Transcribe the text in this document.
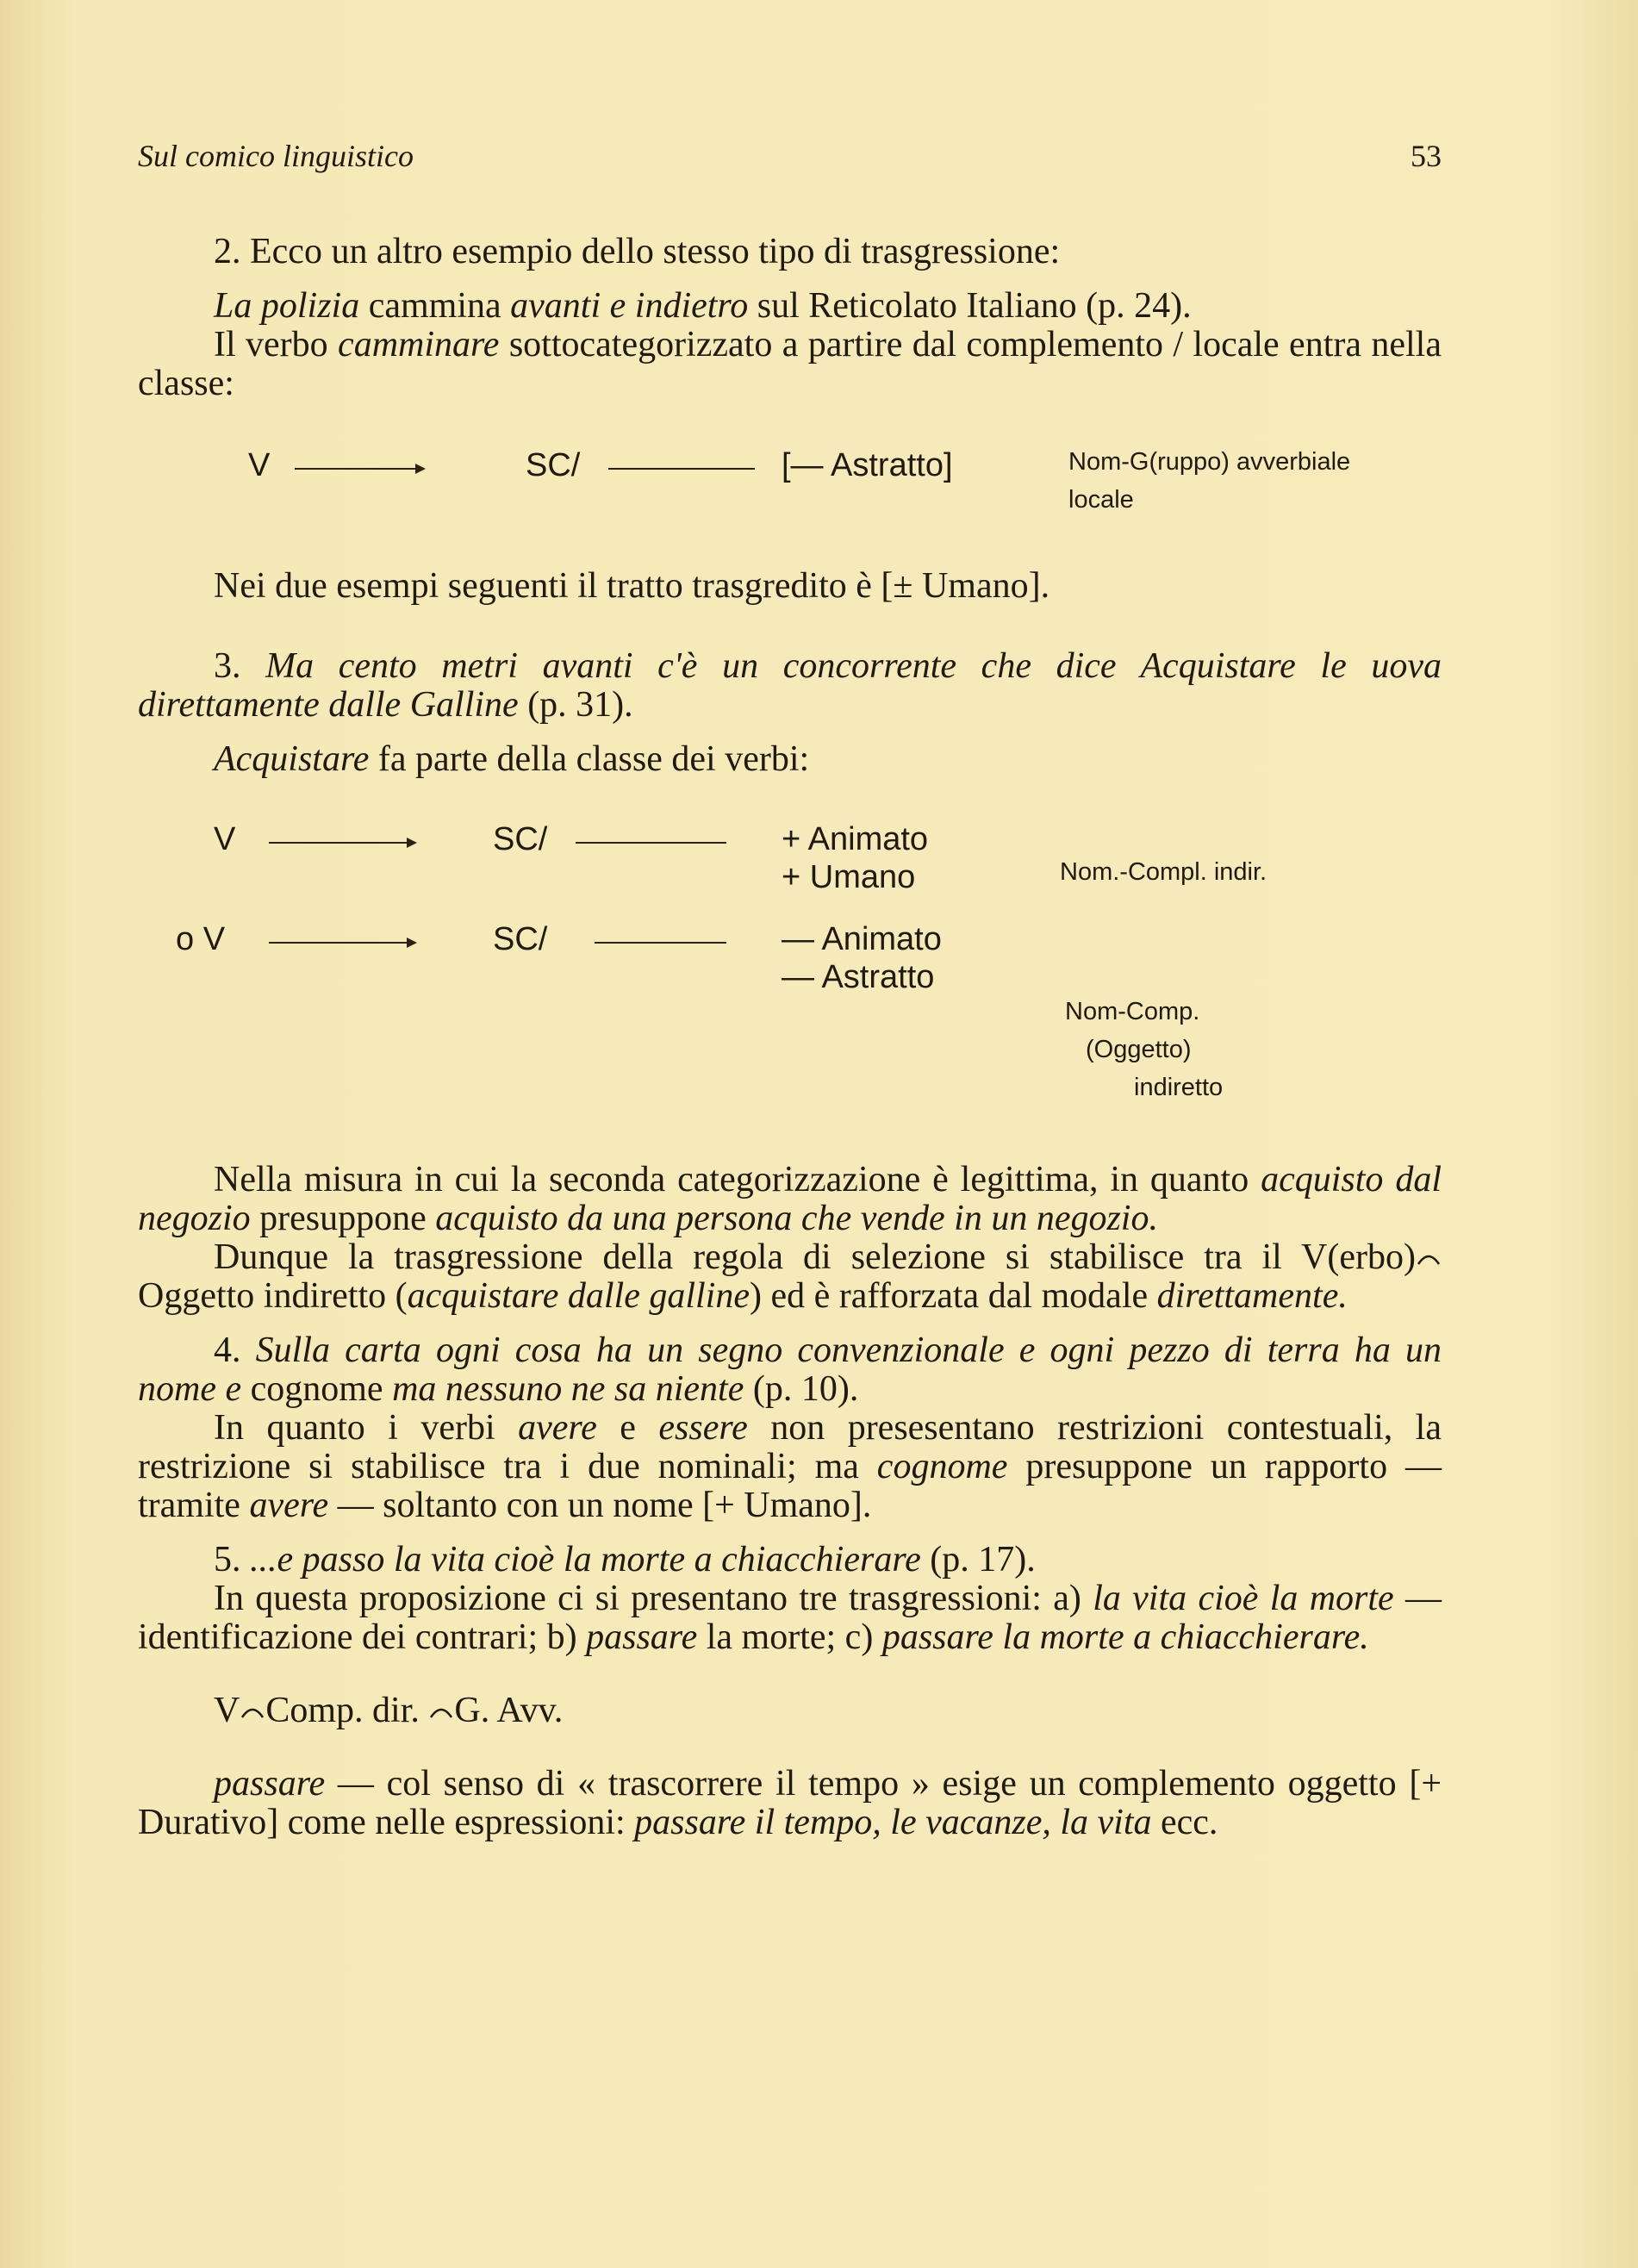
Sul comico linguistico	53

2. Ecco un altro esempio dello stesso tipo di trasgressione:

La polizia cammina avanti e indietro sul Reticolato Italiano (p. 24).

Il verbo camminare sottocategorizzato a partire dal complemento / locale entra nella classe:

V	SC/	[— Astratto]	Nom-G(ruppo) avverbiale
locale

Nei due esempi seguenti il tratto trasgredito è [± Umano].

3. Ma cento metri avanti c'è un concorrente che dice Acquistare le uova direttamente dalle Galline (p. 31).

Acquistare fa parte della classe dei verbi:

V	SC/	+ Animato
+ Umano	Nom.-Compl. indir.
o V	SC/	— Animato
— Astratto
Nom-Comp.
(Oggetto)
indiretto

Nella misura in cui la seconda categorizzazione è legittima, in quanto acquisto dal negozio presuppone acquisto da una persona che vende in un negozio.

Dunque la trasgressione della regola di selezione si stabilisce tra il V(erbo) Oggetto indiretto (acquistare dalle galline) ed è rafforzata dal modale direttamente.

4. Sulla carta ogni cosa ha un segno convenzionale e ogni pezzo di terra ha un nome e cognome ma nessuno ne sa niente (p. 10).

In quanto i verbi avere e essere non presesentano restrizioni contestuali, la restrizione si stabilisce tra i due nominali; ma cognome presuppone un rapporto — tramite avere — soltanto con un nome [+ Umano].

5. ...e passo la vita cioè la morte a chiacchierare (p. 17).

In questa proposizione ci si presentano tre trasgressioni: a) la vita cioè la morte — identificazione dei contrari; b) passare la morte; c) passare la morte a chiacchierare.

V Comp. dir. G. Avv.

passare — col senso di « trascorrere il tempo » esige un complemento oggetto [+ Durativo] come nelle espressioni: passare il tempo, le vacanze, la vita ecc.
